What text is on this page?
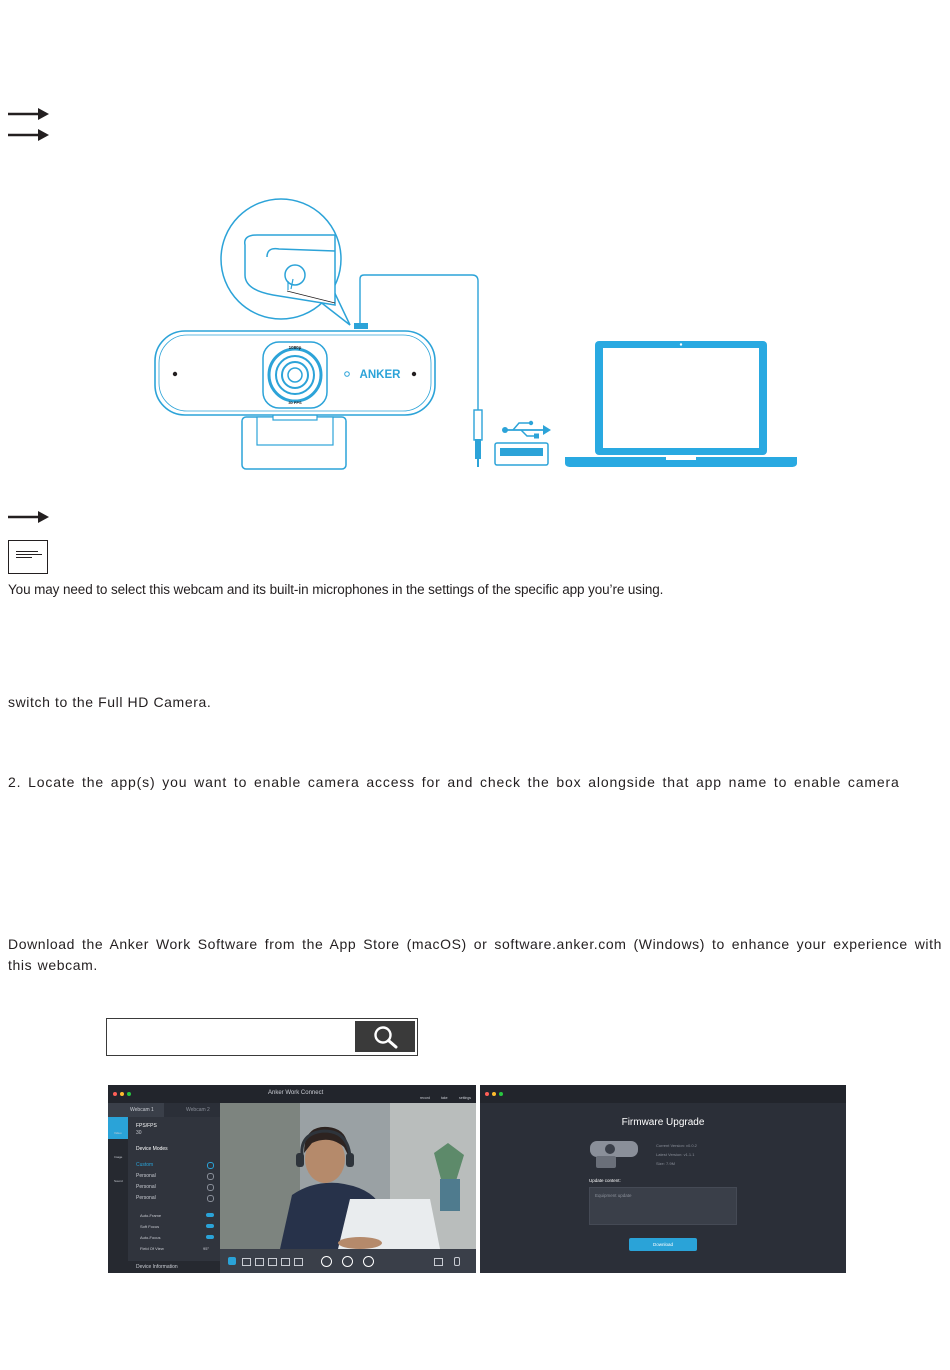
1080p
30 FPS
ANKER
You may need to select this webcam and its built-in microphones in the settings of the specific app you’re using.
switch to the Full HD Camera.
2. Locate the app(s) you want to enable camera access for and check the box alongside that app name to enable camera
Download the Anker Work Software from the App Store (macOS) or software.anker.com (Windows) to enhance your experience with this webcam.
Anker Work Connect
record	take	settings
Webcam 1	Webcam 2
Video
Image
Sound
FPS/FPS
30
Device Modes
Custom
Personal
Personal
Personal
Auto-Frame
Soft Focus
Auto-Focus
Field Of View	95°
Device Information
Firmware Upgrade
Current Version: v0.0.2
Latest Version: v1.1.1
Size: 7.9M
Update content:
Equipment update
Download
